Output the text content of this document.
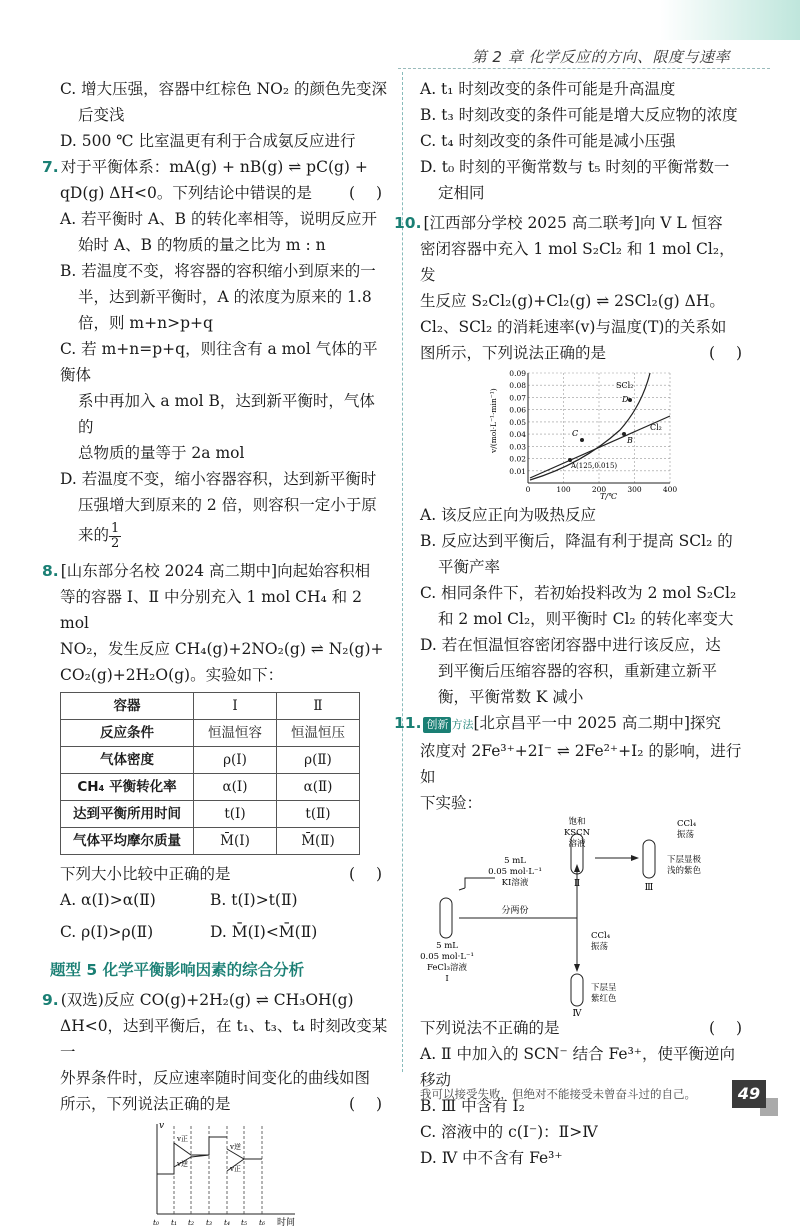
第 2 章 化学反应的方向、限度与速率

C. 增大压强，容器中红棕色 NO₂ 的颜色先变深

后变浅

D. 500 ℃ 比室温更有利于合成氨反应进行

7. 对于平衡体系：mA(g) + nB(g) ⇌ pC(g) +

qD(g) ΔH<0。下列结论中错误的是 ( )

A. 若平衡时 A、B 的转化率相等，说明反应开

始时 A、B 的物质的量之比为 m : n

B. 若温度不变，将容器的容积缩小到原来的一

半，达到新平衡时，A 的浓度为原来的 1.8

倍，则 m+n>p+q

C. 若 m+n=p+q，则往含有 a mol 气体的平衡体

系中再加入 a mol B，达到新平衡时，气体的

总物质的量等于 2a mol

D. 若温度不变，缩小容器容积，达到新平衡时

压强增大到原来的 2 倍，则容积一定小于原

来的 $\frac{1}{2}$

8. [山东部分名校 2024 高二期中]向起始容积相

等的容器 Ⅰ、Ⅱ 中分别充入 1 mol CH₄ 和 2 mol

NO₂，发生反应 CH₄(g)+2NO₂(g) ⇌ N₂(g)+

CO₂(g)+2H₂O(g)。实验如下：

容器	Ⅰ	Ⅱ
反应条件	恒温恒容	恒温恒压
气体密度	ρ(Ⅰ)	ρ(Ⅱ)
CH₄ 平衡转化率	α(Ⅰ)	α(Ⅱ)
达到平衡所用时间	t(Ⅰ)	t(Ⅱ)
气体平均摩尔质量	M̄(Ⅰ)	M̄(Ⅱ)

下列大小比较中正确的是	( )

A. α(Ⅰ)>α(Ⅱ)	B. t(Ⅰ)>t(Ⅱ)

C. ρ(Ⅰ)>ρ(Ⅱ)	D. M̄(Ⅰ)<M̄(Ⅱ)

题型 5 化学平衡影响因素的综合分析

9. (双选)反应 CO(g)+2H₂(g) ⇌ CH₃OH(g)

ΔH<0，达到平衡后，在 t₁、t₃、t₄ 时刻改变某一

外界条件时，反应速率随时间变化的曲线如图

所示，下列说法正确的是	( )

v
时间
v正
v逆
v逆
v正
t₀ t₁ t₂ t₃ t₄ t₅ t₆

A. t₁ 时刻改变的条件可能是升高温度

B. t₃ 时刻改变的条件可能是增大反应物的浓度

C. t₄ 时刻改变的条件可能是减小压强

D. t₀ 时刻的平衡常数与 t₅ 时刻的平衡常数一

定相同

10. [江西部分学校 2025 高二联考]向 V L 恒容

密闭容器中充入 1 mol S₂Cl₂ 和 1 mol Cl₂，发

生反应 S₂Cl₂(g)+Cl₂(g) ⇌ 2SCl₂(g) ΔH。

Cl₂、SCl₂ 的消耗速率(v)与温度(T)的关系如

图所示，下列说法正确的是	( )

v/(mol·L⁻¹·min⁻¹)
0.09
0.08
0.07
0.06
0.05
0.04
0.03
0.02
0.01
0	100	200	300	400
T/℃
SCl₂
Cl₂
A(125,0.015)
C
B
D

A. 该反应正向为吸热反应

B. 反应达到平衡后，降温有利于提高 SCl₂ 的

平衡产率

C. 相同条件下，若初始投料改为 2 mol S₂Cl₂

和 2 mol Cl₂，则平衡时 Cl₂ 的转化率变大

D. 若在恒温恒容密闭容器中进行该反应，达

到平衡后压缩容器的容积，重新建立新平

衡，平衡常数 K 减小

11. 创新 方法[北京昌平一中 2025 高二期中]探究

浓度对 2Fe³⁺+2I⁻ ⇌ 2Fe²⁺+I₂ 的影响，进行如

下实验：

5 mL
0.05 mol·L⁻¹
KI溶液
5 mL
0.05 mol·L⁻¹
FeCl₃溶液
Ⅰ
分两份
Ⅱ
饱和
KSCN
溶液
Ⅲ
CCl₄
振荡
下层显极
浅的紫色
Ⅳ
CCl₄
振荡
下层呈
紫红色

下列说法不正确的是	( )

A. Ⅱ 中加入的 SCN⁻ 结合 Fe³⁺，使平衡逆向移动

B. Ⅲ 中含有 I₂

C. 溶液中的 c(I⁻)：Ⅱ>Ⅳ

D. Ⅳ 中不含有 Fe³⁺

我可以接受失败，但绝对不能接受未曾奋斗过的自己。	49
